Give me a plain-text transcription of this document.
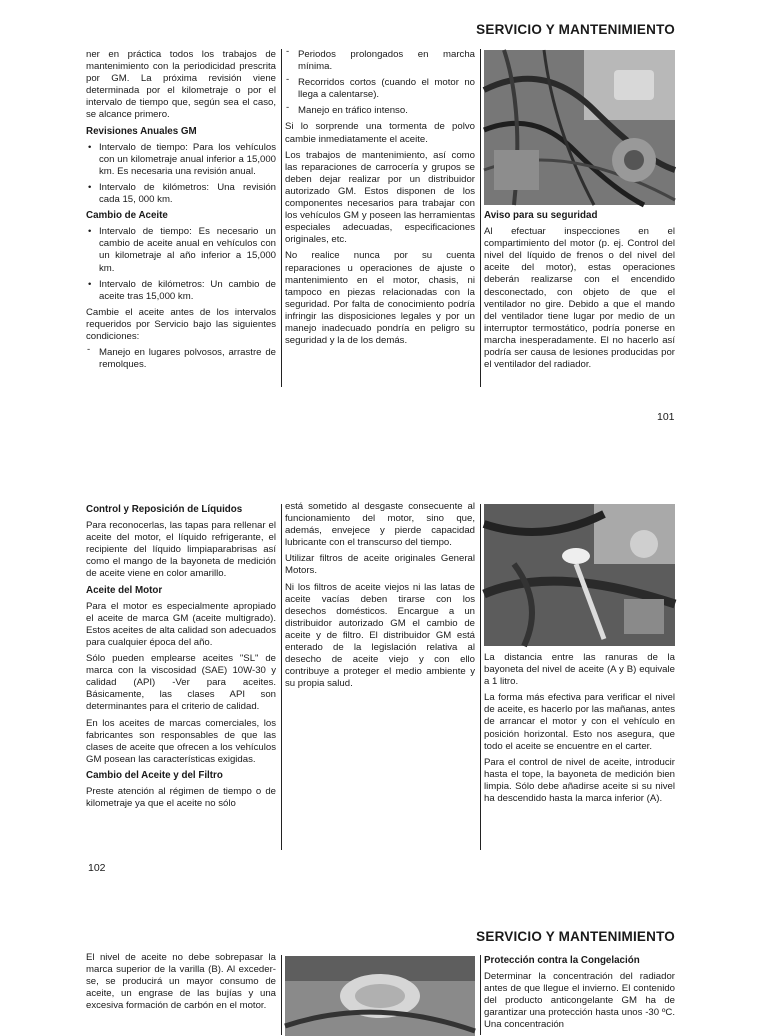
SERVICIO Y MANTENIMIENTO

ner en práctica todos los trabajos de mantenimiento con la periodicidad prescrita por GM. La próxima revisión viene determinada por el kilometraje o por el intervalo de tiempo que, según sea el caso, se alcance primero.

Revisiones Anuales GM
• Intervalo de tiempo: Para los vehículos con un kilometraje anual inferior a 15,000 km. Es necesaria una revisión anual.
• Intervalo de kilómetros: Una revisión cada 15, 000 km.
Cambio de Aceite
• Intervalo de tiempo: Es necesario un cambio de aceite anual en vehículos con un kilometraje al año inferior a 15,000 km.
• Intervalo de kilómetros: Un cambio de aceite tras 15,000 km.

Cambie el aceite antes de los intervalos requeridos por Servicio bajo las siguientes condiciones:

- Manejo en lugares polvosos, arrastre de remolques.
- Periodos prolongados en marcha mínima.
- Recorridos cortos (cuando el motor no llega a calentarse).
- Manejo en tráfico intenso.

Si lo sorprende una tormenta de polvo cambie inmediatamente el aceite.

Los trabajos de mantenimiento, así como las reparaciones de carrocería y grupos se deben dejar realizar por un distribuidor autorizado GM. Estos disponen de los componentes necesarios para trabajar con los vehículos GM y poseen las herramientas especiales adecuadas, especificaciones originales, etc.

No realice nunca por su cuenta reparaciones u operaciones de ajuste o mantenimiento en el motor, chasis, ni tampoco en piezas relacionadas con la seguridad. Por falta de conocimiento podría infringir las disposiciones legales y por un manejo inadecuado pondría en peligro su seguridad y la de los demás.

Aviso para su seguridad

Al efectuar inspecciones en el compartimiento del motor (p. ej. Control del nivel del líquido de frenos o del nivel del aceite del motor), estas operaciones deberán realizarse con el encendido desconectado, con objeto de que el ventilador no gire. Debido a que el mando del ventilador tiene lugar por medio de un interruptor termostático, podría ponerse en marcha inesperadamente. El no hacerlo así podría ser causa de lesiones producidas por el ventilador del radiador.

101
Control y Reposición de Líquidos

Para reconocerlas, las tapas para rellenar el aceite del motor, el líquido refrigerante, el recipiente del líquido limpiaparabrisas así como el mango de la bayoneta de medición de aceite viene en color amarillo.

Aceite del Motor

Para el motor es especialmente apropiado el aceite de marca GM (aceite multigrado). Estos aceites de alta calidad son adecuados para cualquier época del año.

Sólo pueden emplearse aceites "SL" de marca con la viscosidad (SAE) 10W-30 y calidad (API) -Ver para aceites. Básicamente, las clases API son determinantes para el criterio de calidad.

En los aceites de marcas comerciales, los fabricantes son responsables de que las clases de aceite que ofrecen a los vehículos GM posean las características exigidas.

Cambio del Aceite y del Filtro

Preste atención al régimen de tiempo o de kilometraje ya que el aceite no sólo

está sometido al desgaste consecuente al funcionamiento del motor, sino que, además, envejece y pierde capacidad lubricante con el transcurso del tiempo.

Utilizar filtros de aceite originales General Motors.

Ni los filtros de aceite viejos ni las latas de aceite vacías deben tirarse con los desechos domésticos. Encargue a un distribuidor autorizado GM el cambio de aceite y de filtro. El distribuidor GM está enterado de la legislación relativa al desecho de aceite viejo y con ello contribuye a proteger el medio ambiente y su propia salud.

La distancia entre las ranuras de la bayoneta del nivel de aceite (A y B) equivale a 1 litro.

La forma más efectiva para verificar el nivel de aceite, es hacerlo por las mañanas, antes de arrancar el motor y con el vehículo en posición horizontal. Esto nos asegura, que todo el aceite se encuentre en el carter.

Para el control de nivel de aceite, introducir hasta el tope, la bayoneta de medición bien limpia. Sólo debe añadirse aceite si su nivel ha descendido hasta la marca inferior (A).

102
SERVICIO Y MANTENIMIENTO

El nivel de aceite no debe sobrepasar la marca superior de la varilla (B). Al excederse, se producirá un mayor consumo de aceite, un engrase de las bujías y una excesiva formación de carbón en el motor.

Protección contra la Congelación

Determinar la concentración del radiador antes de que llegue el invierno. El contenido del producto anticongelante GM ha de garantizar una protección hasta unos -30 ºC. Una concentración
